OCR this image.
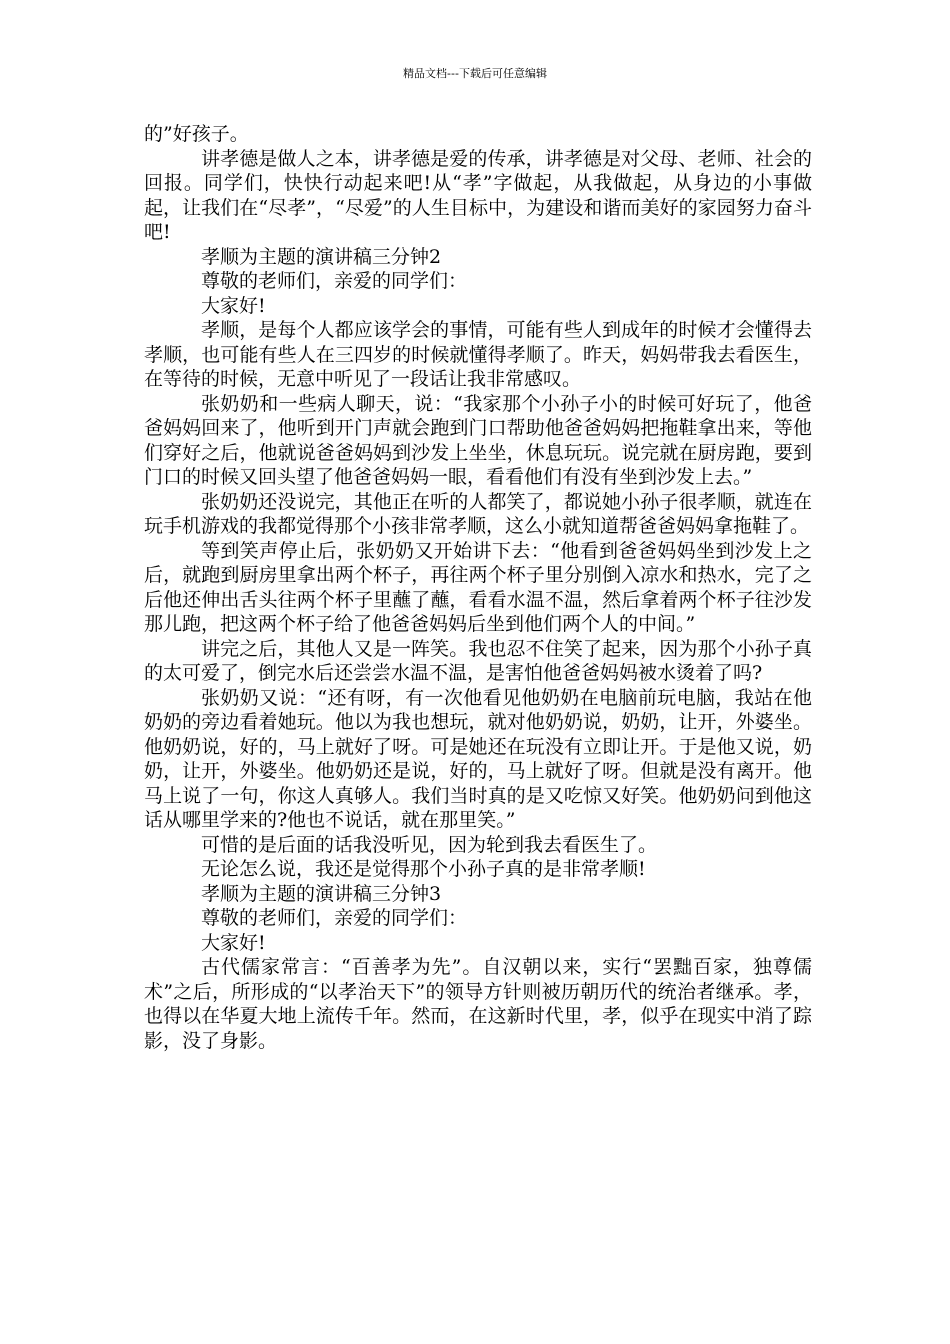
精品文档---下载后可任意编辑

的”好孩子。

讲孝德是做人之本，讲孝德是爱的传承，讲孝德是对父母、老师、社会的回报。同学们，快快行动起来吧!从“孝”字做起，从我做起，从身边的小事做起，让我们在“尽孝”，“尽爱”的人生目标中，为建设和谐而美好的家园努力奋斗吧!

孝顺为主题的演讲稿三分钟2

尊敬的老师们，亲爱的同学们：

大家好!

孝顺，是每个人都应该学会的事情，可能有些人到成年的时候才会懂得去孝顺，也可能有些人在三四岁的时候就懂得孝顺了。昨天，妈妈带我去看医生，在等待的时候，无意中听见了一段话让我非常感叹。

张奶奶和一些病人聊天，说：“我家那个小孙子小的时候可好玩了，他爸爸妈妈回来了，他听到开门声就会跑到门口帮助他爸爸妈妈把拖鞋拿出来，等他们穿好之后，他就说爸爸妈妈到沙发上坐坐，休息玩玩。说完就在厨房跑，要到门口的时候又回头望了他爸爸妈妈一眼，看看他们有没有坐到沙发上去。”

张奶奶还没说完，其他正在听的人都笑了，都说她小孙子很孝顺，就连在玩手机游戏的我都觉得那个小孩非常孝顺，这么小就知道帮爸爸妈妈拿拖鞋了。

等到笑声停止后，张奶奶又开始讲下去：“他看到爸爸妈妈坐到沙发上之后，就跑到厨房里拿出两个杯子，再往两个杯子里分别倒入凉水和热水，完了之后他还伸出舌头往两个杯子里蘸了蘸，看看水温不温，然后拿着两个杯子往沙发那儿跑，把这两个杯子给了他爸爸妈妈后坐到他们两个人的中间。”

讲完之后，其他人又是一阵笑。我也忍不住笑了起来，因为那个小孙子真的太可爱了，倒完水后还尝尝水温不温，是害怕他爸爸妈妈被水烫着了吗?

张奶奶又说：“还有呀，有一次他看见他奶奶在电脑前玩电脑，我站在他奶奶的旁边看着她玩。他以为我也想玩，就对他奶奶说，奶奶，让开，外婆坐。他奶奶说，好的，马上就好了呀。可是她还在玩没有立即让开。于是他又说，奶奶，让开，外婆坐。他奶奶还是说，好的，马上就好了呀。但就是没有离开。他马上说了一句，你这人真够人。我们当时真的是又吃惊又好笑。他奶奶问到他这话从哪里学来的?他也不说话，就在那里笑。”

可惜的是后面的话我没听见，因为轮到我去看医生了。

无论怎么说，我还是觉得那个小孙子真的是非常孝顺!

孝顺为主题的演讲稿三分钟3

尊敬的老师们，亲爱的同学们：

大家好!

古代儒家常言：“百善孝为先”。自汉朝以来，实行“罢黜百家，独尊儒术”之后，所形成的“以孝治天下”的领导方针则被历朝历代的统治者继承。孝，也得以在华夏大地上流传千年。然而，在这新时代里，孝，似乎在现实中消了踪影，没了身影。
